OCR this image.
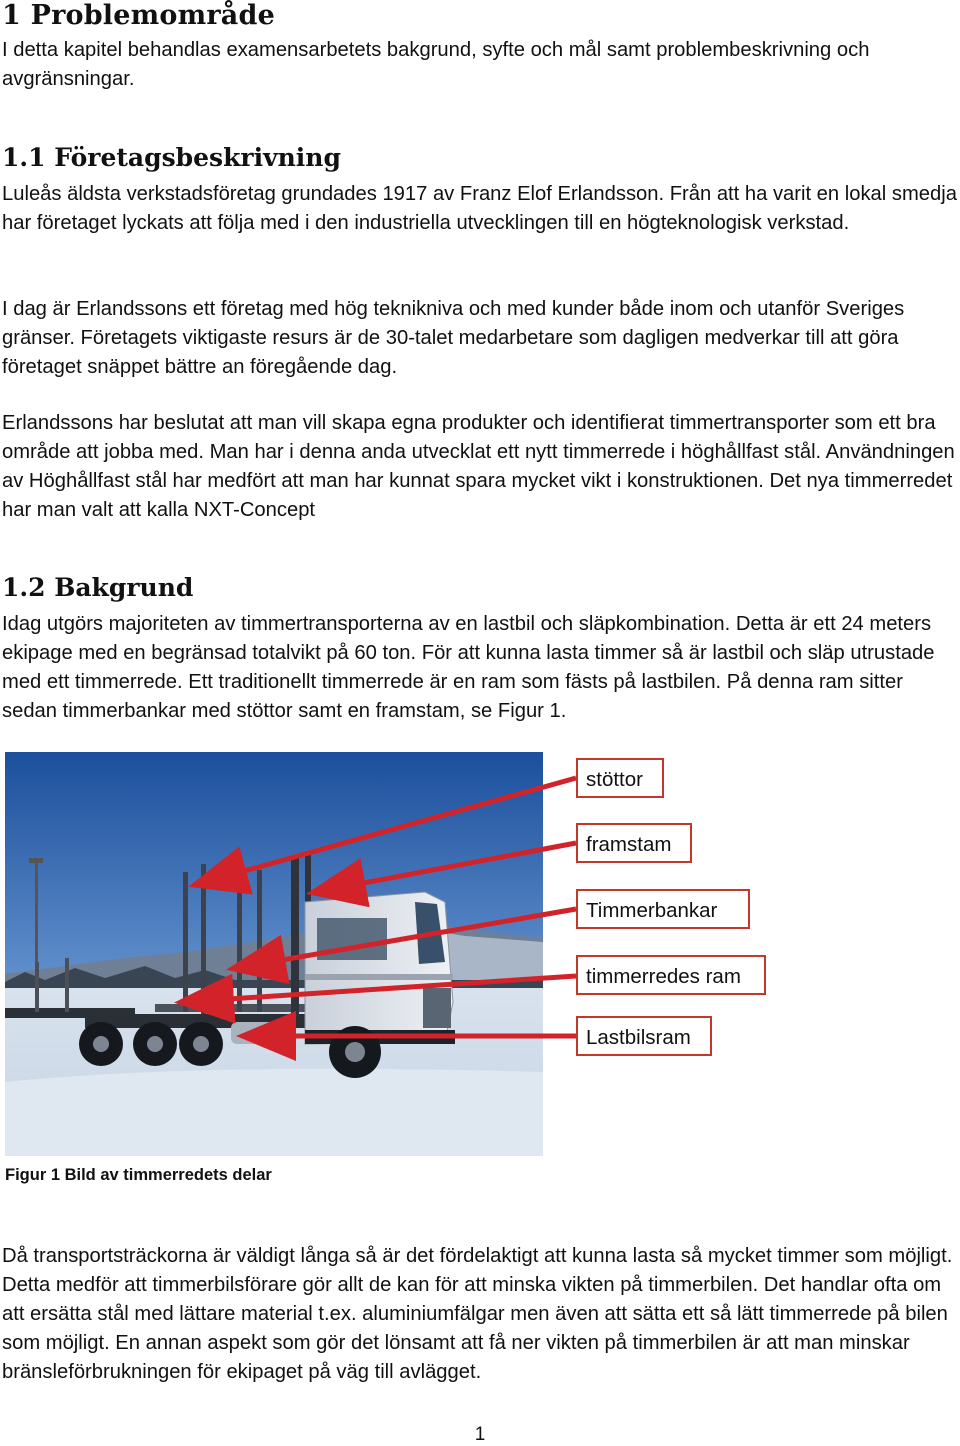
1 Problemområde

I detta kapitel behandlas examensarbetets bakgrund, syfte och mål samt problembeskrivning och avgränsningar.

1.1 Företagsbeskrivning

Luleås äldsta verkstadsföretag grundades 1917 av Franz Elof Erlandsson. Från att ha varit en lokal smedja har företaget lyckats att följa med i den industriella utvecklingen till en högteknologisk verkstad.

I dag är Erlandssons ett företag med hög teknikniva och med kunder både inom och utanför Sveriges gränser. Företagets viktigaste resurs är de 30-talet medarbetare som dagligen medverkar till att göra företaget snäppet bättre an föregående dag.

Erlandssons har beslutat att man vill skapa egna produkter och identifierat timmertransporter som ett bra område att jobba med. Man har i denna anda utvecklat ett nytt timmerrede i höghållfast stål. Användningen av Höghållfast stål har medfört att man har kunnat spara mycket vikt i konstruktionen. Det nya timmerredet har man valt att kalla NXT-Concept

1.2 Bakgrund

Idag utgörs majoriteten av timmertransporterna av en lastbil och släpkombination. Detta är ett 24 meters ekipage med en begränsad totalvikt på 60 ton. För att kunna lasta timmer så är lastbil och släp utrustade med ett timmerrede. Ett traditionellt timmerrede är en ram som fästs på lastbilen. På denna ram sitter sedan timmerbankar med stöttor samt en framstam, se Figur 1.

stöttor
framstam
Timmerbankar
timmerredes ram
Lastbilsram
Figur 1 Bild av timmerredets delar

Då transportsträckorna är väldigt långa så är det fördelaktigt att kunna lasta så mycket timmer som möjligt. Detta medför att timmerbilsförare gör allt de kan för att minska vikten på timmerbilen. Det handlar ofta om att ersätta stål med lättare material t.ex. aluminiumfälgar men även att sätta ett så lätt timmerrede på bilen som möjligt. En annan aspekt som gör det lönsamt att få ner vikten på timmerbilen är att man minskar bränsleförbrukningen för ekipaget på väg till avlägget.

1
